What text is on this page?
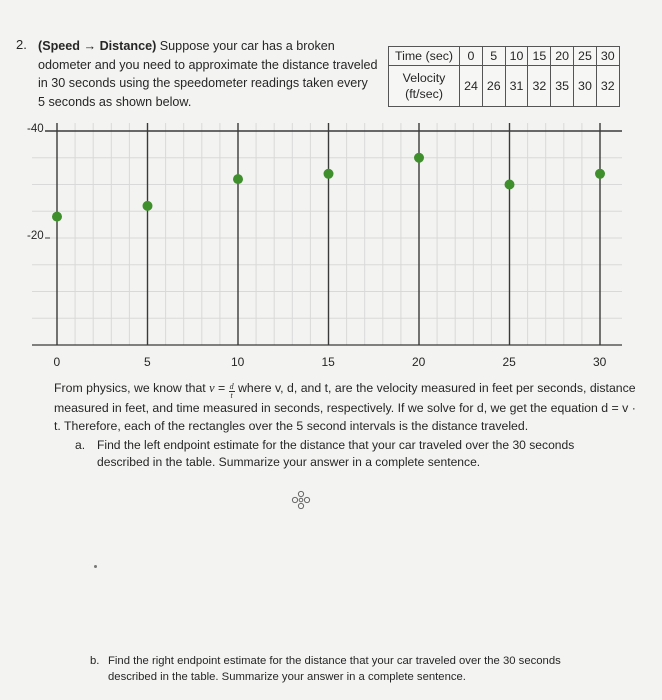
2. (Speed → Distance) Suppose your car has a broken odometer and you need to approximate the distance traveled in 30 seconds using the speedometer readings taken every 5 seconds as shown below.
Time (sec)	0	5	10	15	20	25	30
Velocity
(ft/sec)	24	26	31	32	35	30	32
0	5	10	15	20	25	30
-40
-20
From physics, we know that $v = \frac{d}{t}$ where v, d, and t, are the velocity measured in feet per seconds, distance measured in feet, and time measured in seconds, respectively. If we solve for d, we get the equation d = v · t. Therefore, each of the rectangles over the 5 second intervals is the distance traveled.
a. Find the left endpoint estimate for the distance that your car traveled over the 30 seconds described in the table. Summarize your answer in a complete sentence.
b. Find the right endpoint estimate for the distance that your car traveled over the 30 seconds described in the table. Summarize your answer in a complete sentence.
